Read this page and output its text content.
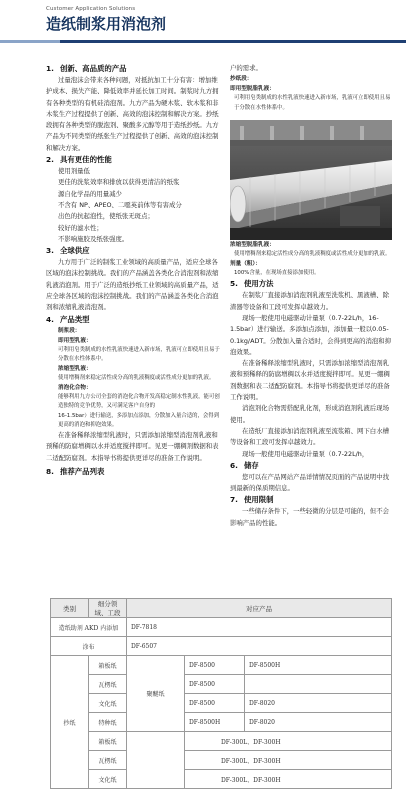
Customer Application Solutions
造纸制浆用消泡剂
1. 创新、高品质的产品
过量泡沫会带来各种问题，对抵抗加工十分有害：增加维护成本、损失产能、降低效率并延长加工时间。制浆时九方拥有各种类型的有机硅消泡剂。九方产品为硬木浆、软木浆和非木浆生产过程提供了创新、高效的泡沫控制和解决方案。抄纸段拥有各种类型的脱泡剂、聚酸多元醇等用于造纸抄纸。九方产品为不同类型的纸张生产过程提供了创新、高效的泡沫控制和解决方案。
2. 具有更佳的性能
使用剂量低
更佳的洗浆效率和排放以获得更清洁的纸浆
源自化学品的用量减少
不含有 NP、APEO、二噁英前体等有害成分
出色的抗起泡性，使纸张无斑点；
较好的滤水性；
不影响施胶及纸张强度。
3. 全球供应
九方用于广泛的制浆工业领域的高质量产品，适应全球各区域的泡沫控制挑战。我们的产品涵盖各类化合消泡剂和浓缩乳液消泡剂。用于广泛的造纸抄纸工业领域的高质量产品，适应全球各区域的泡沫控制挑战。我们的产品涵盖各类化合消泡剂和浓缩乳液消泡剂。
4. 产品类型
制浆段：
即用型乳液：
可利用皂类制成的水性乳液快速进入新市场，乳液可立即使用且易于分散在水性体系中。
浓缩型乳液：
使用增稠剂来稳定活性成分高的乳液稠度或活性成分更加的乳液。
消泡化合物：
能够利用九方公司全套的消泡化合物开发高稳定制水性乳液，能可创造独特的竞争优势，又可满足客户自身的
16-1.5bar）进行输送，多添加点添加，分散加入量合适的，会得到更高的消泡和抑泡效果。
在准备稀释浓缩型乳液时，只需添加浓缩型消泡剂乳液和预稀的防腐增稠以水并适度搅拌即可。见更一绷稠剂数据和表二适配防腐剂。本指导书将提供更详尽的准备工作说明。
8. 推荐产品列表
户的需求。
抄纸段：
即用型脱脂乳液：
可利用皂类制成的水性乳液快速进入新市场，乳液可立即使用且易于分散在水性体系中。
浓缩型脱脂乳液：
使用增稠剂来稳定活性成分高的乳液稠度或活性成分更加的乳液。
剂量（粗）：
100%含量，在现场直接添加使用。
5. 使用方法
在制浆厂直接添加消泡剂乳液至洗浆机、黑液槽、除渣器等设备和工段可发挥卓越效力。
现场一般使用电磁驱动计量泵（0.7-22L/h，16-1.5bar）进行输送。多添加点添加，添加量一般以0.05-0.1kg/ADT。分散加入量合适时，会得到更高的消泡和抑泡效果。
在准备稀释浓缩型乳液时，只需添加浓缩型消泡剂乳液和预稀释的防腐增稠以水并适度搅拌即可。见更一绷稠剂数据和表二适配防腐剂。本指导书将提供更详尽的准备工作说明。
消泡剂化合物需搭配乳化剂，形成消泡剂乳液后现场使用。
在造纸厂直接添加消泡剂乳液至流浆箱、网下白水槽等设备和工段可发挥卓越效力。
现场一般使用电磁驱动计量泵（0.7-22L/h，
6. 储存
您可以在产品网站产品详情情况页面的产品说明中找到最新的保质期信息。
7. 使用限制
一些储存条件下，一些轻微的分层是可能的，但不会影响产品的性能。
类别	细分领域、工段	对应产品		
造纸助剂 AKD 内添加		DF-7818		
涂布		DF-6507		
抄纸	箱板纸	聚醚纸	DF-8500	DF-8500H
	瓦楞纸		DF-8500	
	文化纸		DF-8500	DF-8020
	特种纸		DF-8500H	DF-8020
	箱板纸		DF-300L、DF-300H	
	瓦楞纸		DF-300L、DF-300H	
	文化纸		DF-300L、DF-300H	
